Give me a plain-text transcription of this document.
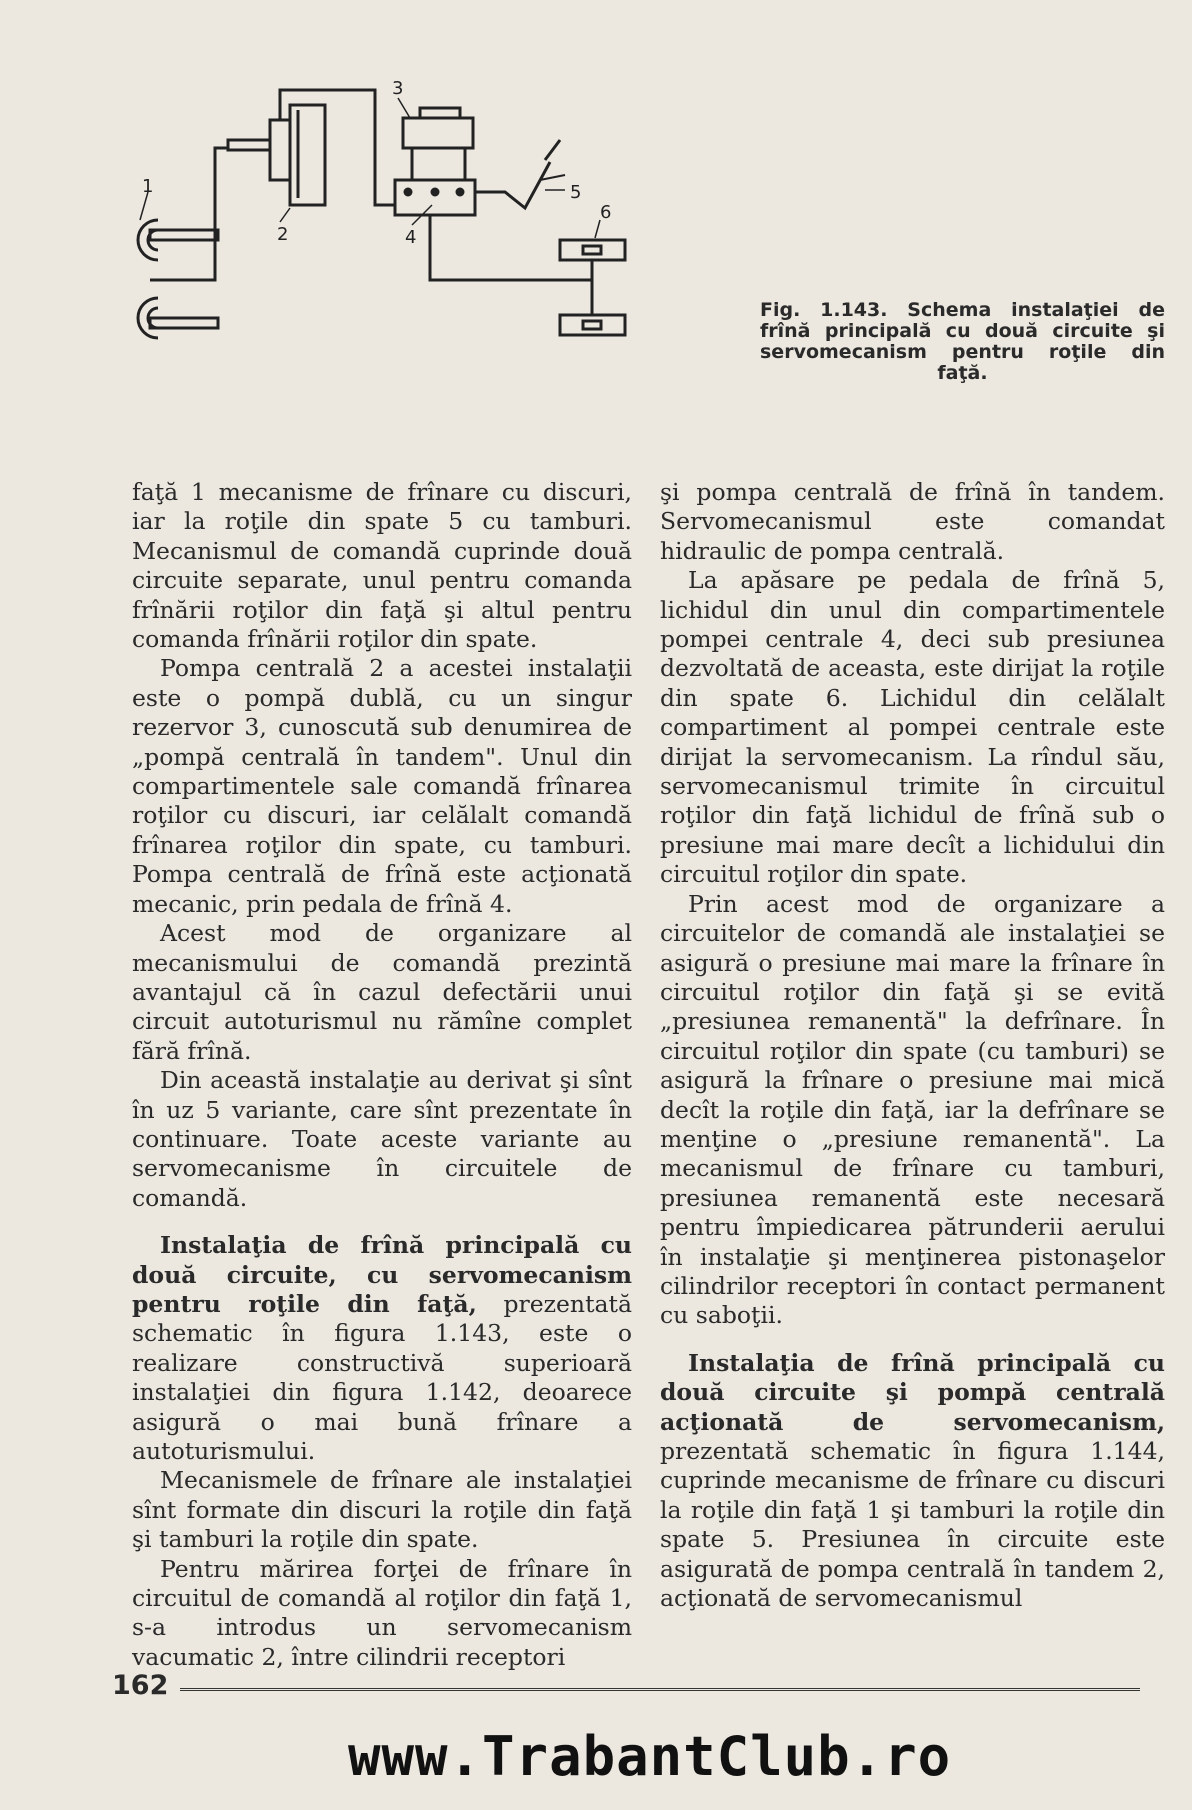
1
2
3
4
5
6
Fig. 1.143. Schema instalaţiei de frînă principală cu două circuite şi servomecanism pentru roţile din faţă.

faţă 1 mecanisme de frînare cu discuri, iar la roţile din spate 5 cu tamburi. Mecanismul de comandă cuprinde două circuite separate, unul pentru comanda frînării roţilor din faţă şi altul pentru comanda frînării roţilor din spate.

Pompa centrală 2 a acestei instalaţii este o pompă dublă, cu un singur rezervor 3, cunoscută sub denumirea de „pompă centrală în tandem". Unul din compartimentele sale comandă frînarea roţilor cu discuri, iar celălalt comandă frînarea roţilor din spate, cu tamburi. Pompa centrală de frînă este acţionată mecanic, prin pedala de frînă 4.

Acest mod de organizare al mecanismului de comandă prezintă avantajul că în cazul defectării unui circuit autoturismul nu rămîne complet fără frînă.

Din această instalaţie au derivat şi sînt în uz 5 variante, care sînt prezentate în continuare. Toate aceste variante au servomecanisme în circuitele de comandă.

Instalaţia de frînă principală cu două circuite, cu servomecanism pentru roţile din faţă, prezentată schematic în figura 1.143, este o realizare constructivă superioară instalaţiei din figura 1.142, deoarece asigură o mai bună frînare a autoturismului.

Mecanismele de frînare ale instalaţiei sînt formate din discuri la roţile din faţă şi tamburi la roţile din spate.

Pentru mărirea forţei de frînare în circuitul de comandă al roţilor din faţă 1, s-a introdus un servomecanism vacumatic 2, între cilindrii receptori

şi pompa centrală de frînă în tandem. Servomecanismul este comandat hidraulic de pompa centrală.

La apăsare pe pedala de frînă 5, lichidul din unul din compartimentele pompei centrale 4, deci sub presiunea dezvoltată de aceasta, este dirijat la roţile din spate 6. Lichidul din celălalt compartiment al pompei centrale este dirijat la servomecanism. La rîndul său, servomecanismul trimite în circuitul roţilor din faţă lichidul de frînă sub o presiune mai mare decît a lichidului din circuitul roţilor din spate.

Prin acest mod de organizare a circuitelor de comandă ale instalaţiei se asigură o presiune mai mare la frînare în circuitul roţilor din faţă şi se evită „presiunea remanentă" la defrînare. În circuitul roţilor din spate (cu tamburi) se asigură la frînare o presiune mai mică decît la roţile din faţă, iar la defrînare se menţine o „presiune remanentă". La mecanismul de frînare cu tamburi, presiunea remanentă este necesară pentru împiedicarea pătrunderii aerului în instalaţie şi menţinerea pistonaşelor cilindrilor receptori în contact permanent cu saboţii.

Instalaţia de frînă principală cu două circuite şi pompă centrală acţionată de servomecanism, prezentată schematic în figura 1.144, cuprinde mecanisme de frînare cu discuri la roţile din faţă 1 şi tamburi la roţile din spate 5. Presiunea în circuite este asigurată de pompa centrală în tandem 2, acţionată de servomecanismul

162
www.TrabantClub.ro
